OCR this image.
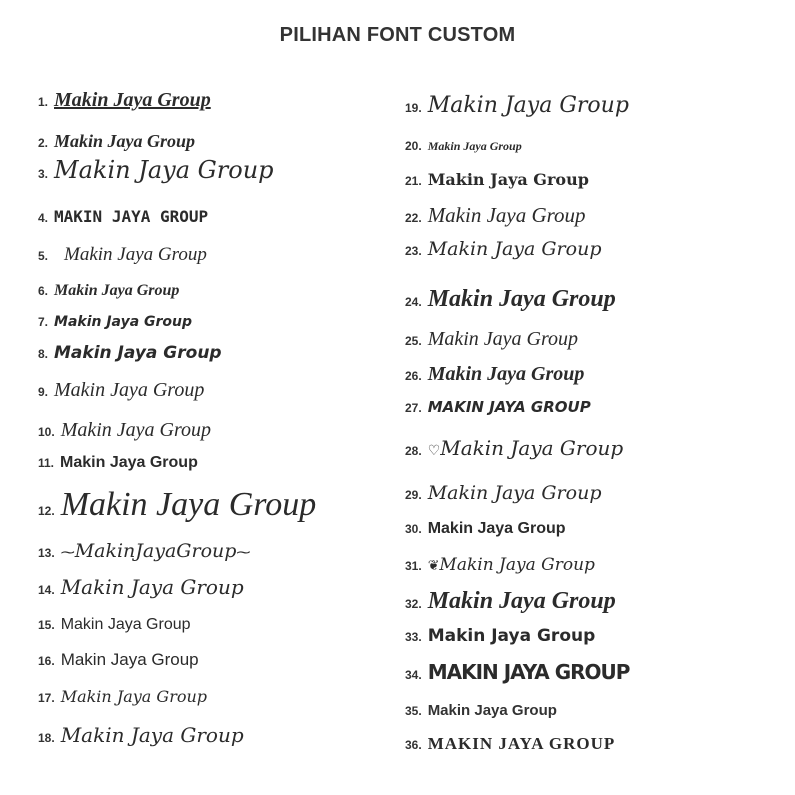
PILIHAN FONT CUSTOM
1. Makin Jaya Group
2. Makin Jaya Group
3. Makin Jaya Group
4. MAKIN JAYA GROUP
5. Makin Jaya Group
6. Makin Jaya Group
7. Makin Jaya Group
8. Makin Jaya Group
9. Makin Jaya Group
10. Makin Jaya Group
11. Makin Jaya Group
12. Makin Jaya Group
13. ⁓ MakinJayaGroup ⁓
14. Makin Jaya Group
15. Makin Jaya Group
16. Makin Jaya Group
17. Makin Jaya Group
18. Makin Jaya Group
19. Makin Jaya Group
20. Makin Jaya Group
21. Makin Jaya Group
22. Makin Jaya Group
23. Makin Jaya Group
24. Makin Jaya Group
25. Makin Jaya Group
26. Makin Jaya Group
27. MAKIN JAYA GROUP
28. ♡ Makin Jaya Group
29. Makin Jaya Group
30. Makin Jaya Group
31. ❦ Makin Jaya Group
32. Makin Jaya Group
33. Makin Jaya Group
34. MAKIN JAYA GROUP
35. Makin Jaya Group
36. MAKIN JAYA GROUP
